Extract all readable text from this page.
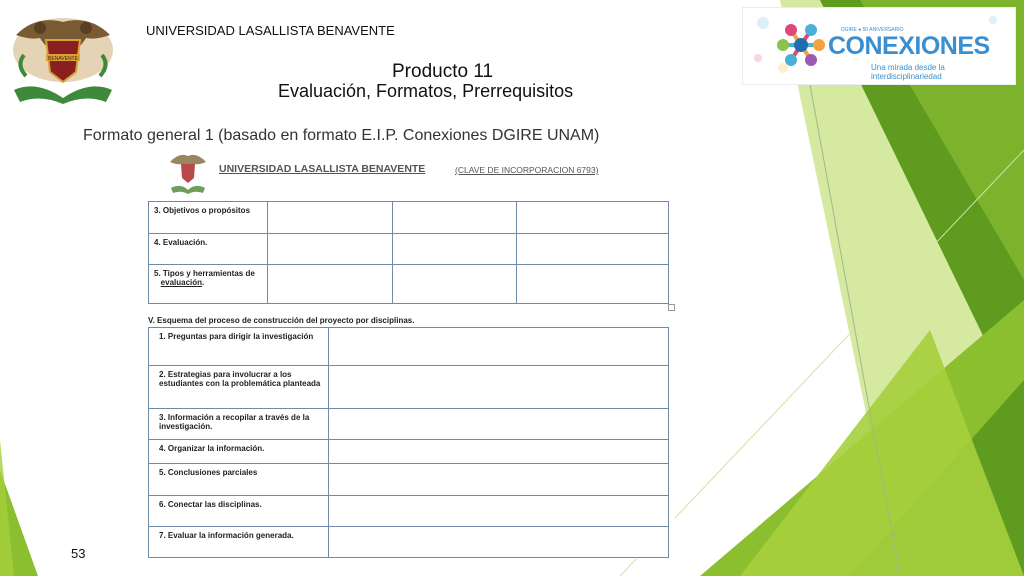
BENAVENTE
UNIVERSIDAD LASALLISTA BENAVENTE	DGIRE ● 50 ANIVERSARIO
CONEXIONES
Una mirada desde la interdisciplinariedad
Producto 11
Evaluación, Formatos, Prerrequisitos
Formato general 1 (basado en formato E.I.P. Conexiones DGIRE UNAM)
UNIVERSIDAD LASALLISTA BENAVENTE	(CLAVE DE INCORPORACION 6793)
3. Objetivos o propósitos			
4. Evaluación.			
5. Tipos y herramientas de
evaluación.			
V. Esquema del proceso de construcción del proyecto por disciplinas.
1. Preguntas para dirigir la investigación	
2. Estrategias para involucrar a los estudiantes con la problemática planteada	
3. Información a recopilar a través de la investigación.	
4. Organizar la información.	
5. Conclusiones parciales	
6. Conectar las disciplinas.	
7. Evaluar la información generada.	
53
